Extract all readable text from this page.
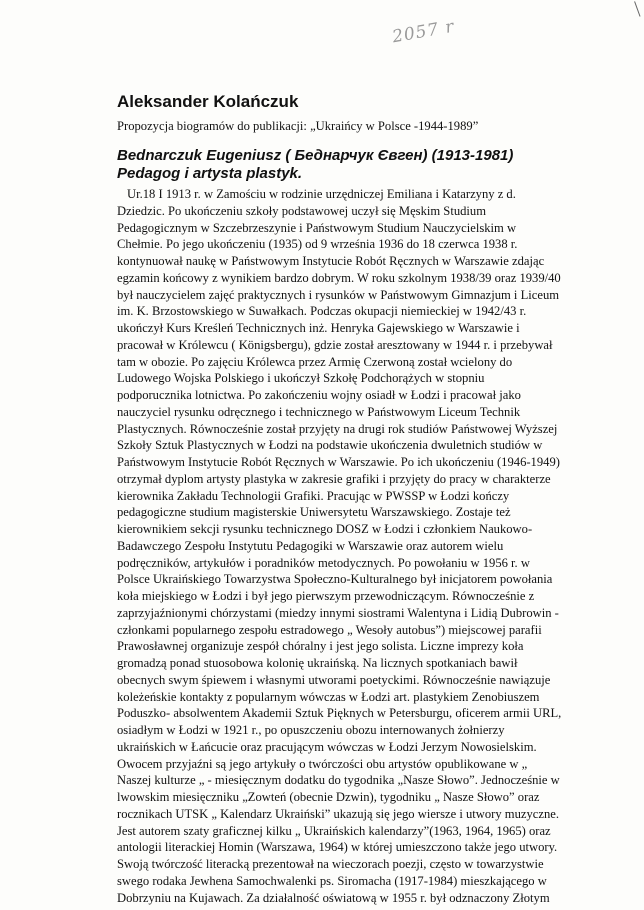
2057 r
Aleksander Kolańczuk

Propozycja biogramów do publikacji: „Ukraińcy w Polsce -1944-1989”

Bednarczuk Eugeniusz ( Беднарчук Євген) (1913-1981)
Pedagog i artysta plastyk.
Ur.18 I 1913 r. w Zamościu w rodzinie urzędniczej Emiliana i Katarzyny z d.
Dziedzic. Po ukończeniu szkoły podstawowej uczył się Męskim Studium
Pedagogicznym w Szczebrzeszynie i Państwowym Studium Nauczycielskim w
Chełmie. Po jego ukończeniu (1935) od 9 września 1936 do 18 czerwca 1938 r.
kontynuował naukę w Państwowym Instytucie Robót Ręcznych w Warszawie zdając
egzamin końcowy z wynikiem bardzo dobrym. W roku szkolnym 1938/39 oraz 1939/40
był nauczycielem zajęć praktycznych i rysunków w Państwowym Gimnazjum i Liceum
im. K. Brzostowskiego w Suwałkach. Podczas okupacji niemieckiej w 1942/43 r.
ukończył Kurs Kreśleń Technicznych inż. Henryka Gajewskiego w Warszawie i
pracował w Królewcu ( Königsbergu), gdzie został aresztowany w 1944 r. i przebywał
tam w obozie. Po zajęciu Królewca przez Armię Czerwoną został wcielony do
Ludowego Wojska Polskiego i ukończył Szkołę Podchorążych w stopniu
podporucznika lotnictwa. Po zakończeniu wojny osiadł w Łodzi i pracował jako
nauczyciel rysunku odręcznego i technicznego w Państwowym Liceum Technik
Plastycznych. Równocześnie został przyjęty na drugi rok studiów Państwowej Wyższej
Szkoły Sztuk Plastycznych w Łodzi na podstawie ukończenia dwuletnich studiów w
Państwowym Instytucie Robót Ręcznych w Warszawie. Po ich ukończeniu (1946-1949)
otrzymał dyplom artysty plastyka w zakresie grafiki i przyjęty do pracy w charakterze
kierownika Zakładu Technologii Grafiki. Pracując w PWSSP w Łodzi kończy
pedagogiczne studium magisterskie Uniwersytetu Warszawskiego. Zostaje też
kierownikiem sekcji rysunku technicznego DOSZ w Łodzi i członkiem Naukowo-
Badawczego Zespołu Instytutu Pedagogiki w Warszawie oraz autorem wielu
podręczników, artykułów i poradników metodycznych. Po powołaniu w 1956 r. w
Polsce Ukraińskiego Towarzystwa Społeczno-Kulturalnego był inicjatorem powołania
koła miejskiego w Łodzi i był jego pierwszym przewodniczącym. Równocześnie z
zaprzyjaźnionymi chórzystami (miedzy innymi siostrami Walentyna i Lidią Dubrowin -
członkami popularnego zespołu estradowego „ Wesoły autobus”) miejscowej parafii
Prawosławnej organizuje zespół chóralny i jest jego solista. Liczne imprezy koła
gromadzą ponad stuosobowa kolonię ukraińską. Na licznych spotkaniach bawił
obecnych swym śpiewem i własnymi utworami poetyckimi. Równocześnie nawiązuje
koleżeńskie kontakty z popularnym wówczas w Łodzi art. plastykiem Zenobiuszem
Poduszko- absolwentem Akademii Sztuk Pięknych w Petersburgu, oficerem armii URL,
osiadłym w Łodzi w 1921 r., po opuszczeniu obozu internowanych żołnierzy
ukraińskich w Łańcucie oraz pracującym wówczas w Łodzi Jerzym Nowosielskim.
Owocem przyjaźni są jego artykuły o twórczości obu artystów opublikowane w „
Naszej kulturze „ - miesięcznym dodatku do tygodnika „Nasze Słowo”. Jednocześnie w
lwowskim miesięczniku „Zowteń (obecnie Dzwin), tygodniku „ Nasze Słowo” oraz
rocznikach UTSK „ Kalendarz Ukraiński” ukazują się jego wiersze i utwory muzyczne.
Jest autorem szaty graficznej kilku „ Ukraińskich kalendarzy”(1963, 1964, 1965) oraz
antologii literackiej Homin (Warszawa, 1964) w której umieszczono także jego utwory.
Swoją twórczość literacką prezentował na wieczorach poezji, często w towarzystwie
swego rodaka Jewhena Samochwalenki ps. Siromacha (1917-1984) mieszkającego w
Dobrzyniu na Kujawach. Za działalność oświatową w 1955 r. był odznaczony Złotym
